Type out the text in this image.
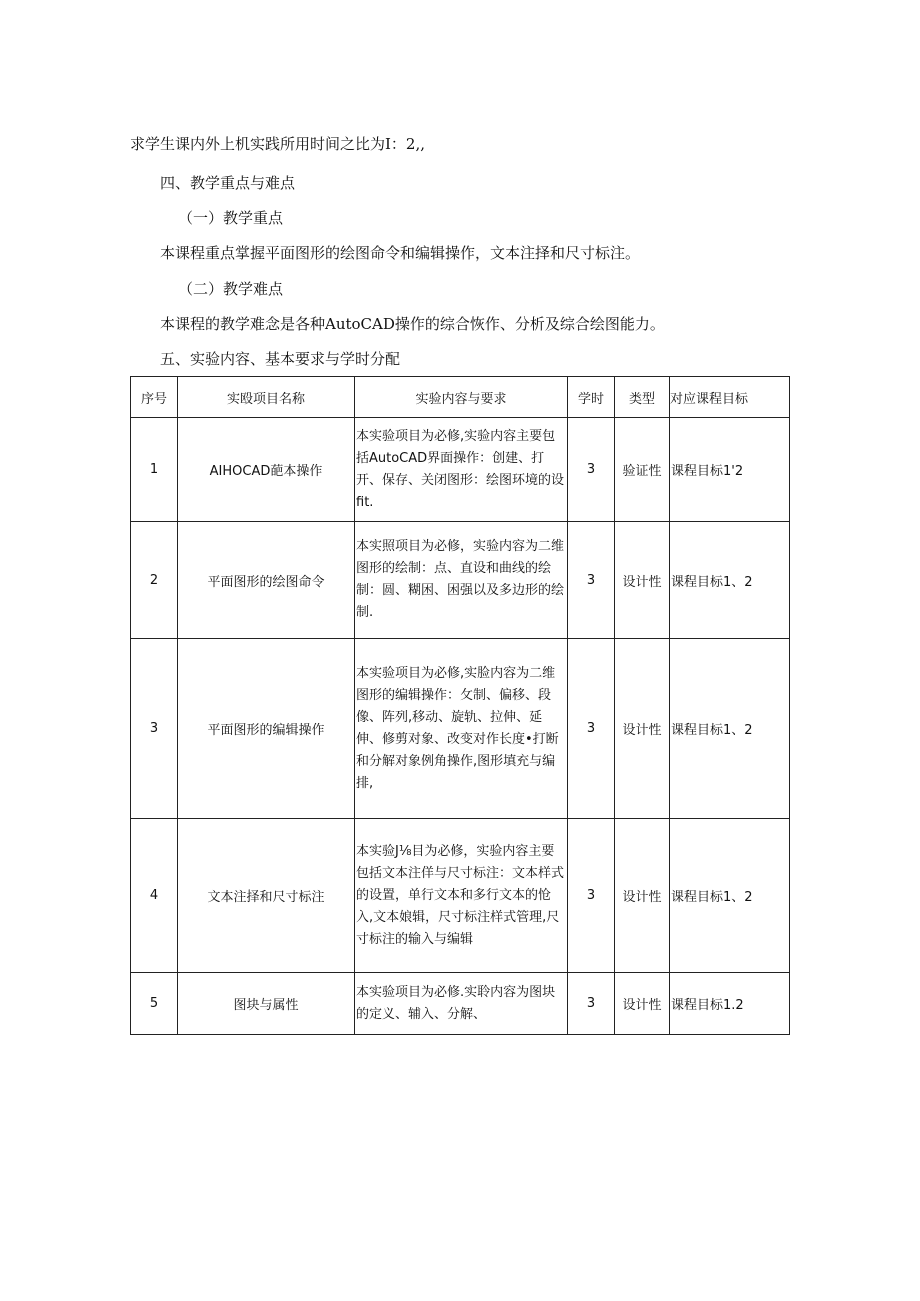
求学生课内外上机实践所用时间之比为I：2,,
四、教学重点与难点
（一）教学重点
本课程重点掌握平面图形的绘图命令和编辑操作，文本注择和尺寸标注。
（二）教学难点
本课程的教学难念是各种AutoCAD操作的综合恢作、分析及综合绘图能力。
五、实验内容、基本要求与学时分配
序号	实殴项目名称	实验内容与要求	学时	类型	对应课程目标
1	AIHOCAD葩本操作	本实验项目为必修,实验内容主要包括AutoCAD界面操作：创建、打开、保存、关闭图形：绘图环境的设fit.	3	验证性	课程目标1'2
2	平面图形的绘图命令	本实照项目为必修，实验内容为二维图形的绘制：点、直设和曲线的绘制：圆、糊困、困强以及多边形的绘制.	3	设计性	课程目标1、2
3	平面图形的编辑操作	本实验项目为必修,实脸内容为二维图形的编辑操作：攵制、偏移、段像、阵列,移动、旋轨、拉伸、延伸、修剪对象、改变对作长度•打断和分解对象例角操作,图形填充与编排,	3	设计性	课程目标1、2
4	文本注择和尺寸标注	本实验J⅛目为必修，实验内容主要包括文本注佯与尺寸标注：文本样式的设置，单行文本和多行文本的怆入,文本娘辑，尺寸标注样式管理,尺寸标注的输入与编辑	3	设计性	课程目标1、2
5	图块与属性	本实验项目为必修.实聆内容为图块的定义、辅入、分解、	3	设计性	课程目标1.2
